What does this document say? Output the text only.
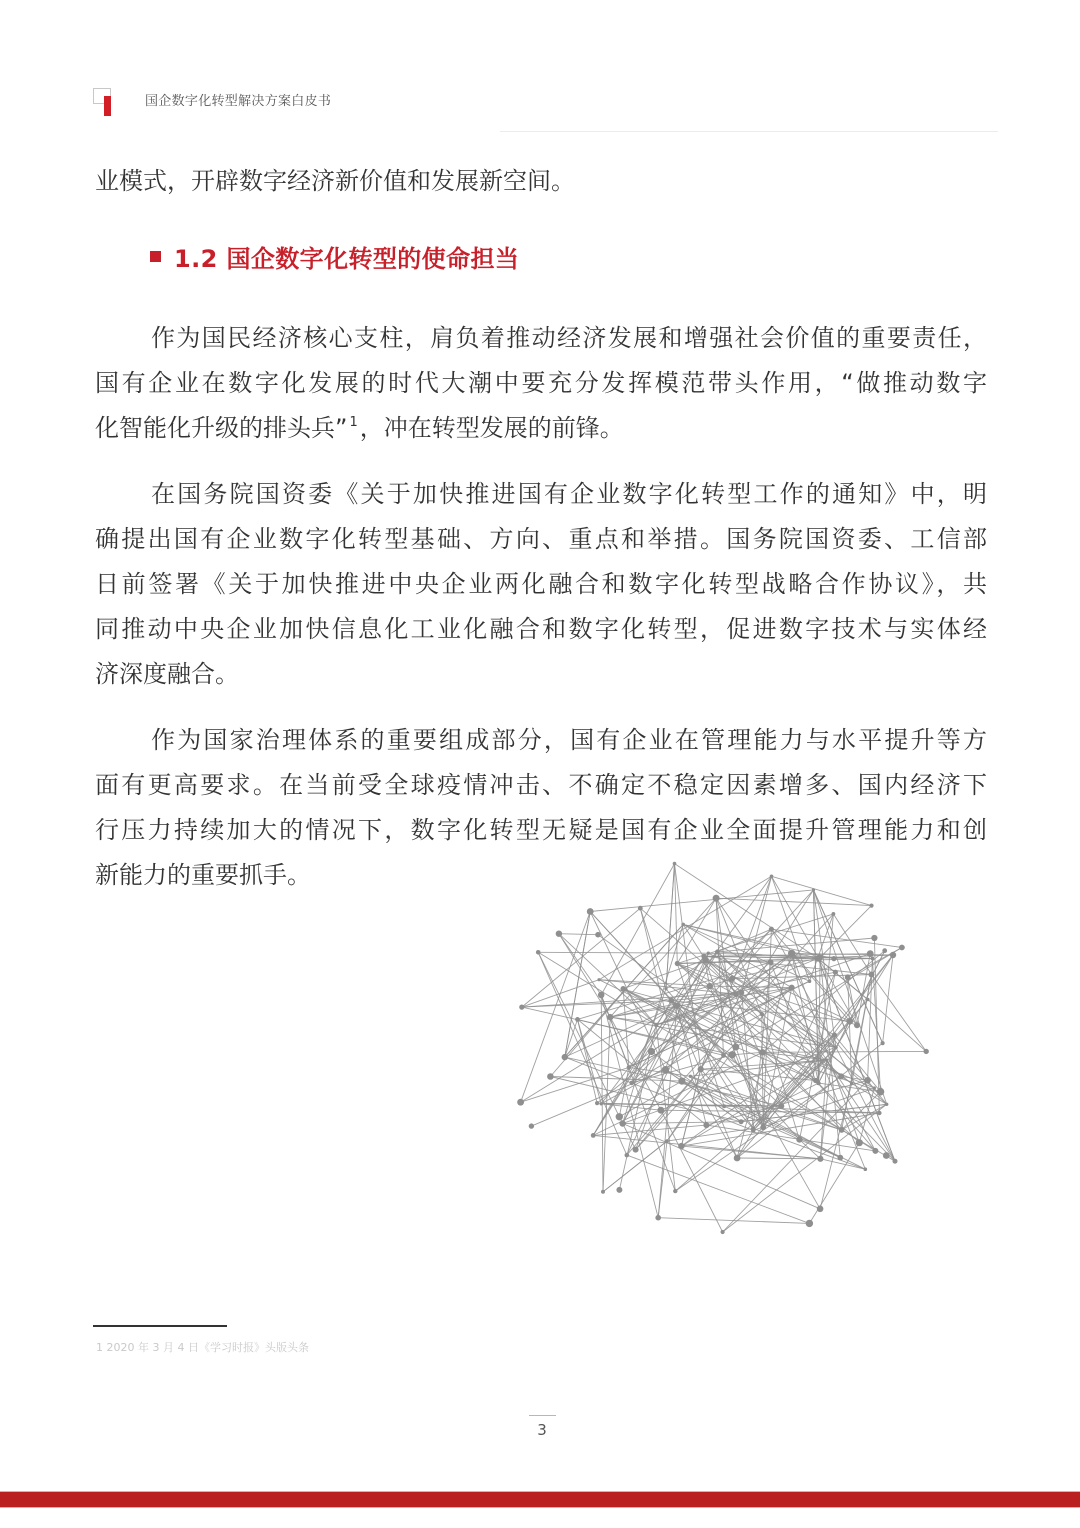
国企数字化转型解决方案白皮书
业模式，开辟数字经济新价值和发展新空间。
1.2 国企数字化转型的使命担当
作为国民经济核心支柱，肩负着推动经济发展和增强社会价值的重要责任，
国有企业在数字化发展的时代大潮中要充分发挥模范带头作用，“做推动数字
化智能化升级的排头兵” $^1$，冲在转型发展的前锋。
在国务院国资委《关于加快推进国有企业数字化转型工作的通知》中，明
确提出国有企业数字化转型基础、方向、重点和举措。国务院国资委、工信部
日前签署《关于加快推进中央企业两化融合和数字化转型战略合作协议》，共
同推动中央企业加快信息化工业化融合和数字化转型，促进数字技术与实体经
济深度融合。
作为国家治理体系的重要组成部分，国有企业在管理能力与水平提升等方
面有更高要求。在当前受全球疫情冲击、不确定不稳定因素增多、国内经济下
行压力持续加大的情况下，数字化转型无疑是国有企业全面提升管理能力和创
新能力的重要抓手。
1 2020 年 3 月 4 日《学习时报》头版头条
3
